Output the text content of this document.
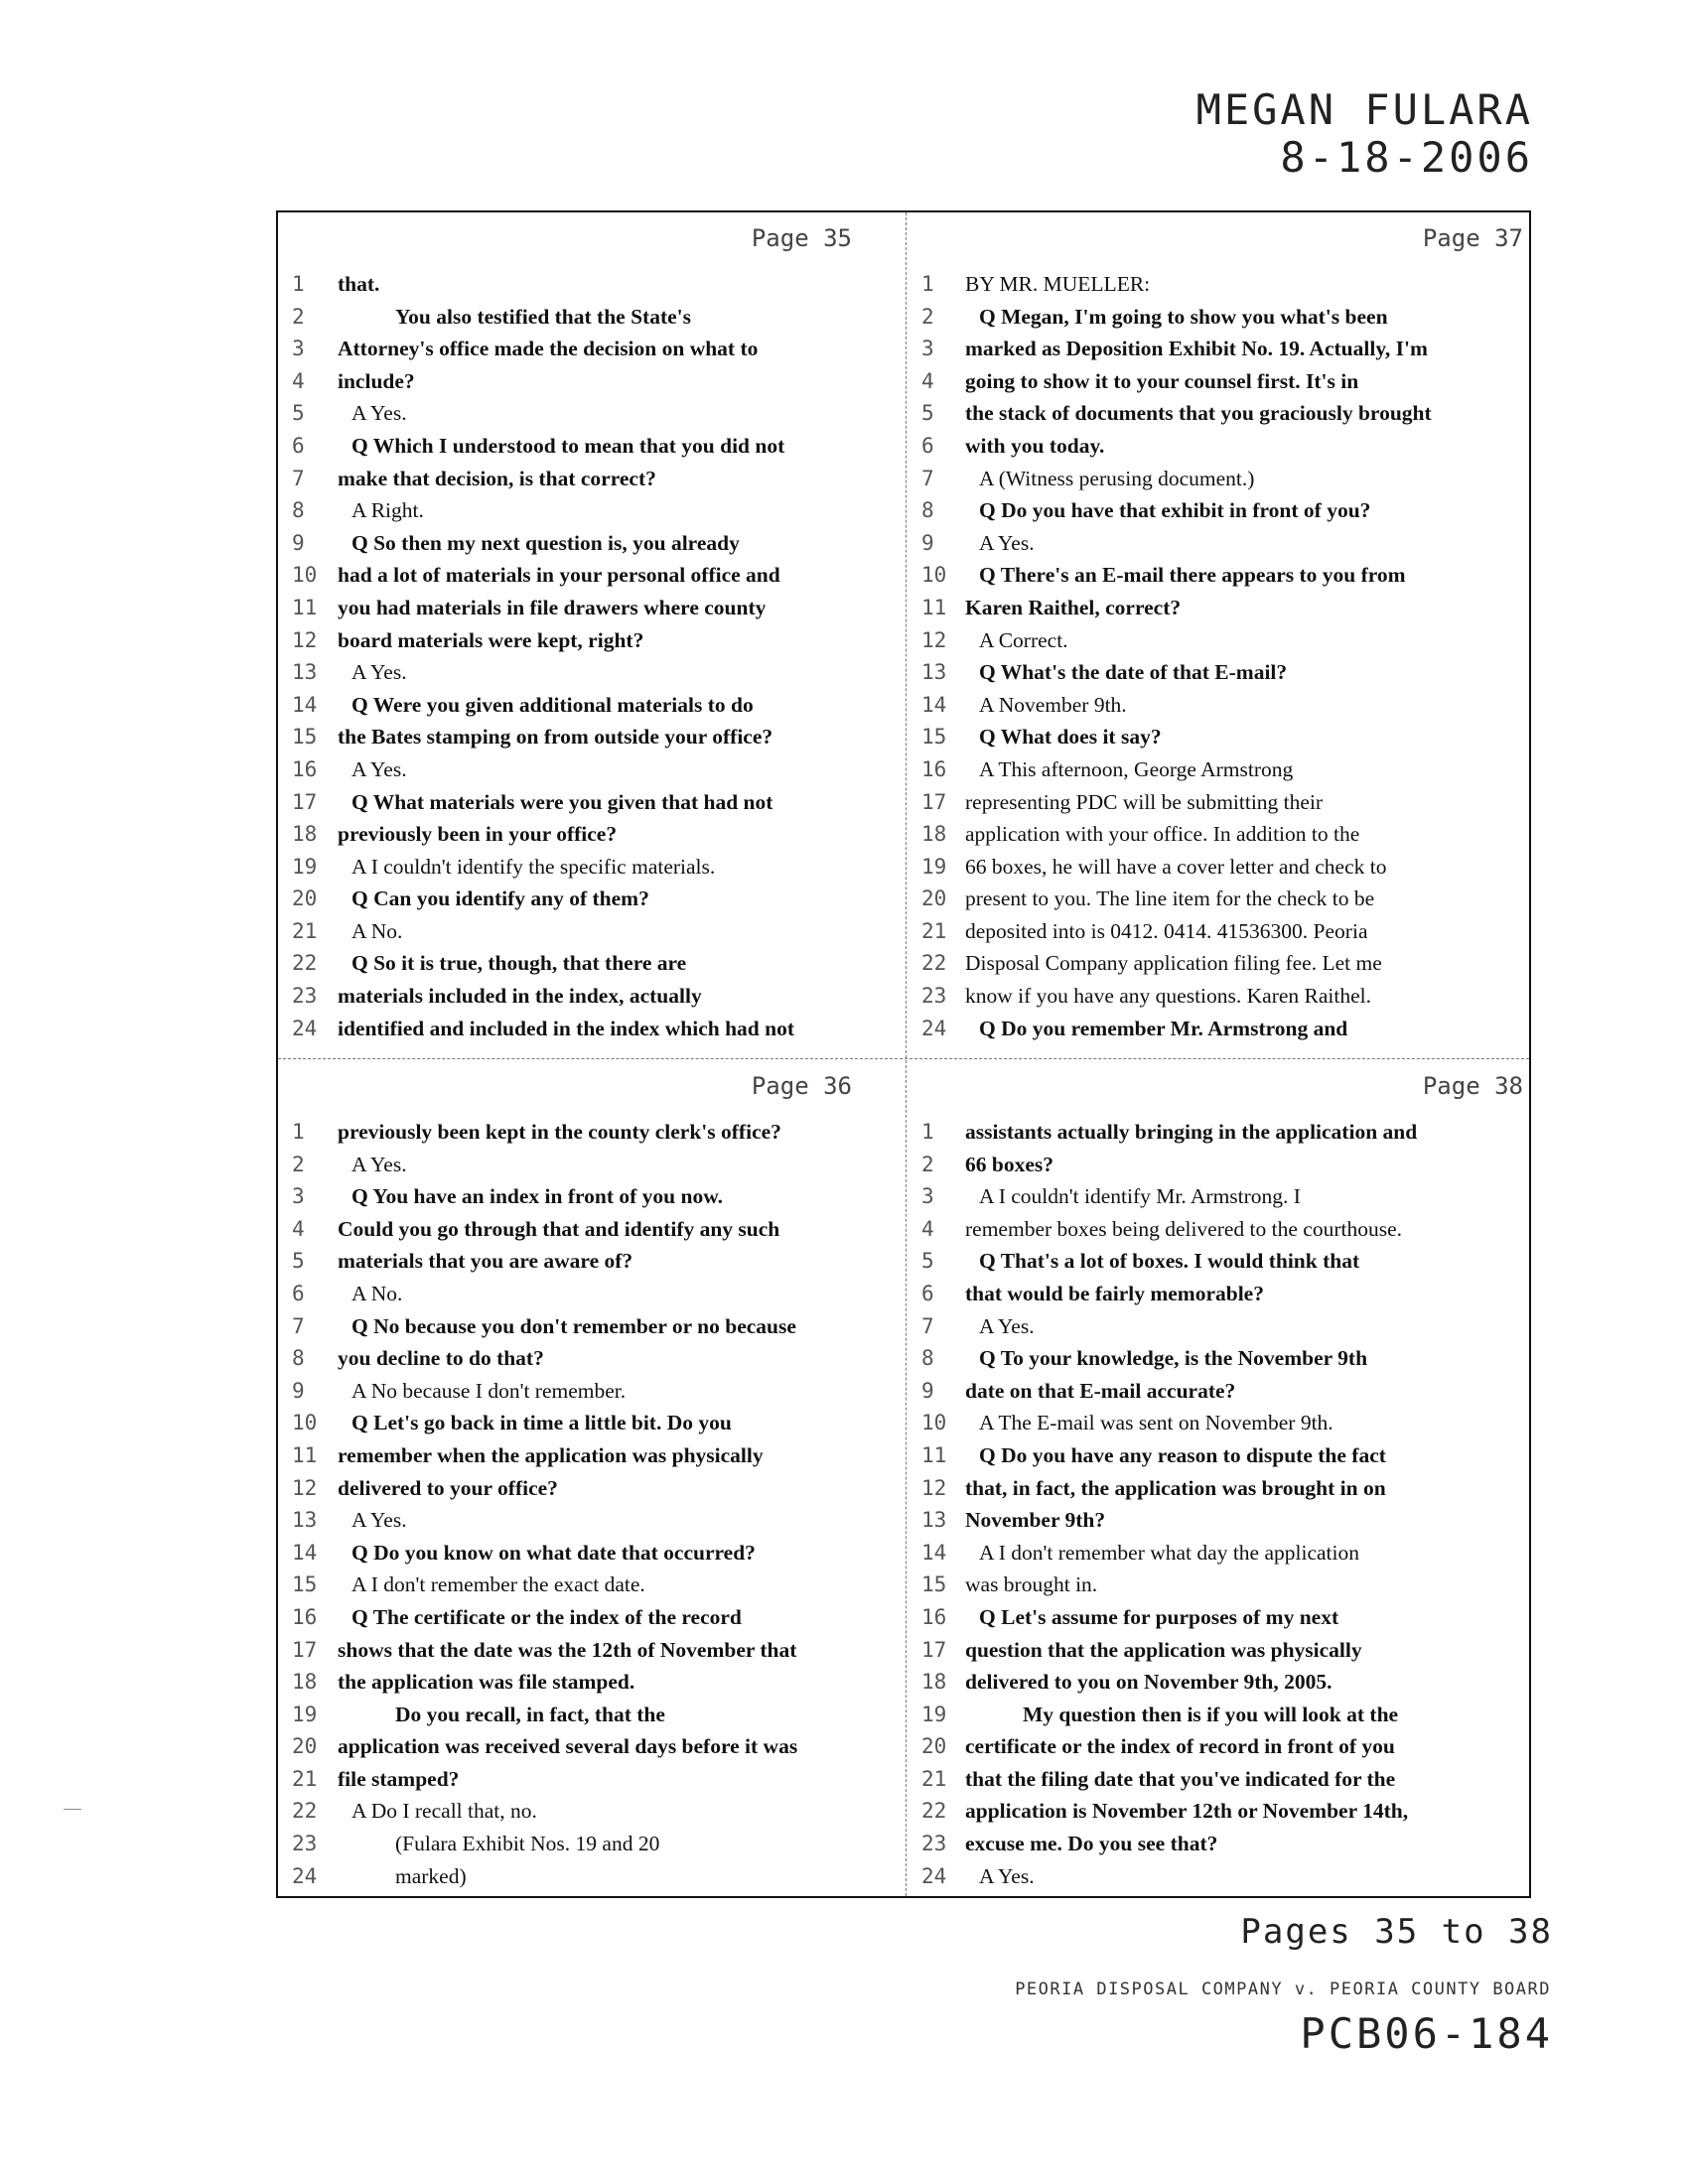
MEGAN FULARA
8-18-2006
Page 35
1	that.
2	You also testified that the State's
3	Attorney's office made the decision on what to
4	include?
5	A Yes.
6	Q Which I understood to mean that you did not
7	make that decision, is that correct?
8	A Right.
9	Q So then my next question is, you already
10 had a lot of materials in your personal office and
11 you had materials in file drawers where county
12 board materials were kept, right?
13	A Yes.
14	Q Were you given additional materials to do
15 the Bates stamping on from outside your office?
16	A Yes.
17	Q What materials were you given that had not
18 previously been in your office?
19	A I couldn't identify the specific materials.
20	Q Can you identify any of them?
21	A No.
22	Q So it is true, though, that there are
23 materials included in the index, actually
24 identified and included in the index which had not
Page 37
1	BY MR. MUELLER:
2	Q Megan, I'm going to show you what's been
3	marked as Deposition Exhibit No. 19. Actually, I'm
4	going to show it to your counsel first. It's in
5	the stack of documents that you graciously brought
6	with you today.
7	A (Witness perusing document.)
8	Q Do you have that exhibit in front of you?
9	A Yes.
10	Q There's an E-mail there appears to you from
11 Karen Raithel, correct?
12	A Correct.
13	Q What's the date of that E-mail?
14	A November 9th.
15	Q What does it say?
16	A This afternoon, George Armstrong
17 representing PDC will be submitting their
18 application with your office. In addition to the
19 66 boxes, he will have a cover letter and check to
20 present to you. The line item for the check to be
21 deposited into is 0412. 0414. 41536300. Peoria
22 Disposal Company application filing fee. Let me
23 know if you have any questions. Karen Raithel.
24	Q Do you remember Mr. Armstrong and
Page 36
1	previously been kept in the county clerk's office?
2	A Yes.
3	Q You have an index in front of you now.
4	Could you go through that and identify any such
5	materials that you are aware of?
6	A No.
7	Q No because you don't remember or no because
8	you decline to do that?
9	A No because I don't remember.
10	Q Let's go back in time a little bit. Do you
11 remember when the application was physically
12 delivered to your office?
13	A Yes.
14	Q Do you know on what date that occurred?
15	A I don't remember the exact date.
16	Q The certificate or the index of the record
17 shows that the date was the 12th of November that
18 the application was file stamped.
19	Do you recall, in fact, that the
20 application was received several days before it was
21 file stamped?
22	A Do I recall that, no.
23	(Fulara Exhibit Nos. 19 and 20
24	marked)
Page 38
1	assistants actually bringing in the application and
2	66 boxes?
3	A I couldn't identify Mr. Armstrong. I
4	remember boxes being delivered to the courthouse.
5	Q That's a lot of boxes. I would think that
6	that would be fairly memorable?
7	A Yes.
8	Q To your knowledge, is the November 9th
9	date on that E-mail accurate?
10	A The E-mail was sent on November 9th.
11	Q Do you have any reason to dispute the fact
12 that, in fact, the application was brought in on
13 November 9th?
14	A I don't remember what day the application
15 was brought in.
16	Q Let's assume for purposes of my next
17 question that the application was physically
18 delivered to you on November 9th, 2005.
19	My question then is if you will look at the
20 certificate or the index of record in front of you
21 that the filing date that you've indicated for the
22 application is November 12th or November 14th,
23 excuse me. Do you see that?
24	A Yes.
Pages 35 to 38
PEORIA DISPOSAL COMPANY v. PEORIA COUNTY BOARD
PCB06-184
